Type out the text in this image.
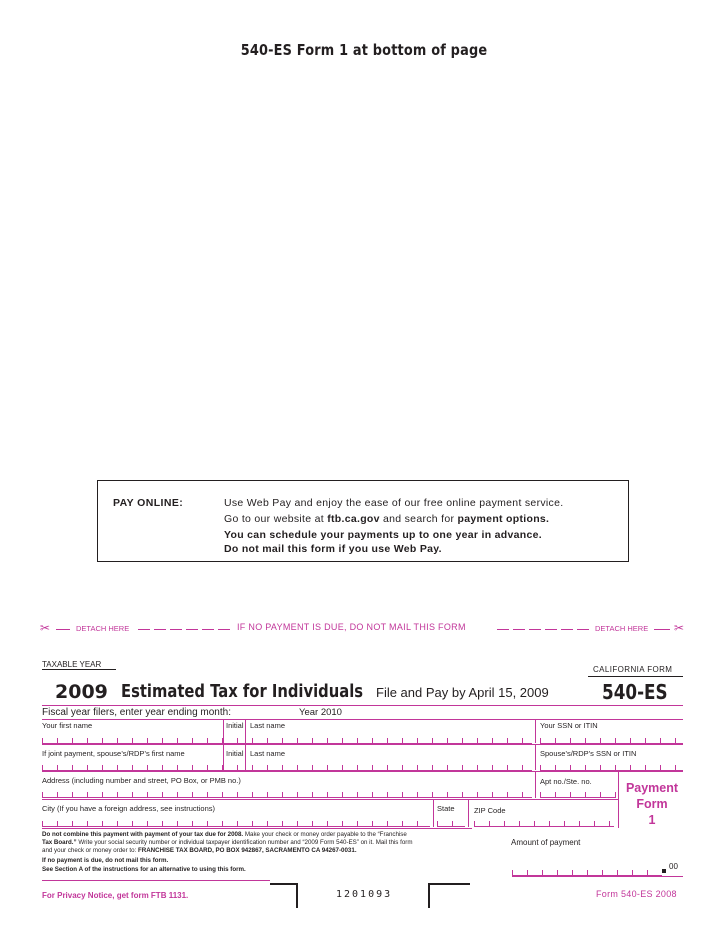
540-ES Form 1 at bottom of page
PAY ONLINE:	Use Web Pay and enjoy the ease of our free online payment service.
Go to our website at ftb.ca.gov and search for payment options.
You can schedule your payments up to one year in advance.
Do not mail this form if you use Web Pay.
✂	DETACH HERE	IF NO PAYMENT IS DUE, DO NOT MAIL THIS FORM	DETACH HERE ✂
TAXABLE YEAR
CALIFORNIA FORM
2009 Estimated Tax for Individuals File and Pay by April 15, 2009	540-ES
Fiscal year filers, enter year ending month:	Year 2010
Your first name	Initial Last name	Your SSN or ITIN
If joint payment, spouse’s/RDP’s first name	Initial Last name	Spouse’s/RDP’s SSN or ITIN
Address (including number and street, PO Box, or PMB no.)	Apt no./Ste. no.	Payment
Form
1
City (If you have a foreign address, see instructions)	State	ZIP Code
Do not combine this payment with payment of your tax due for 2008. Make your check or money order payable to the “Franchise
Tax Board.” Write your social security number or individual taxpayer identification number and “2009 Form 540-ES” on it. Mail this form
and your check or money order to: FRANCHISE TAX BOARD, PO BOX 942867, SACRAMENTO CA 94267-0031.
If no payment is due, do not mail this form.
See Section A of the instructions for an alternative to using this form.
Amount of payment
00
For Privacy Notice, get form FTB 1131.	1201093	Form 540-ES 2008
